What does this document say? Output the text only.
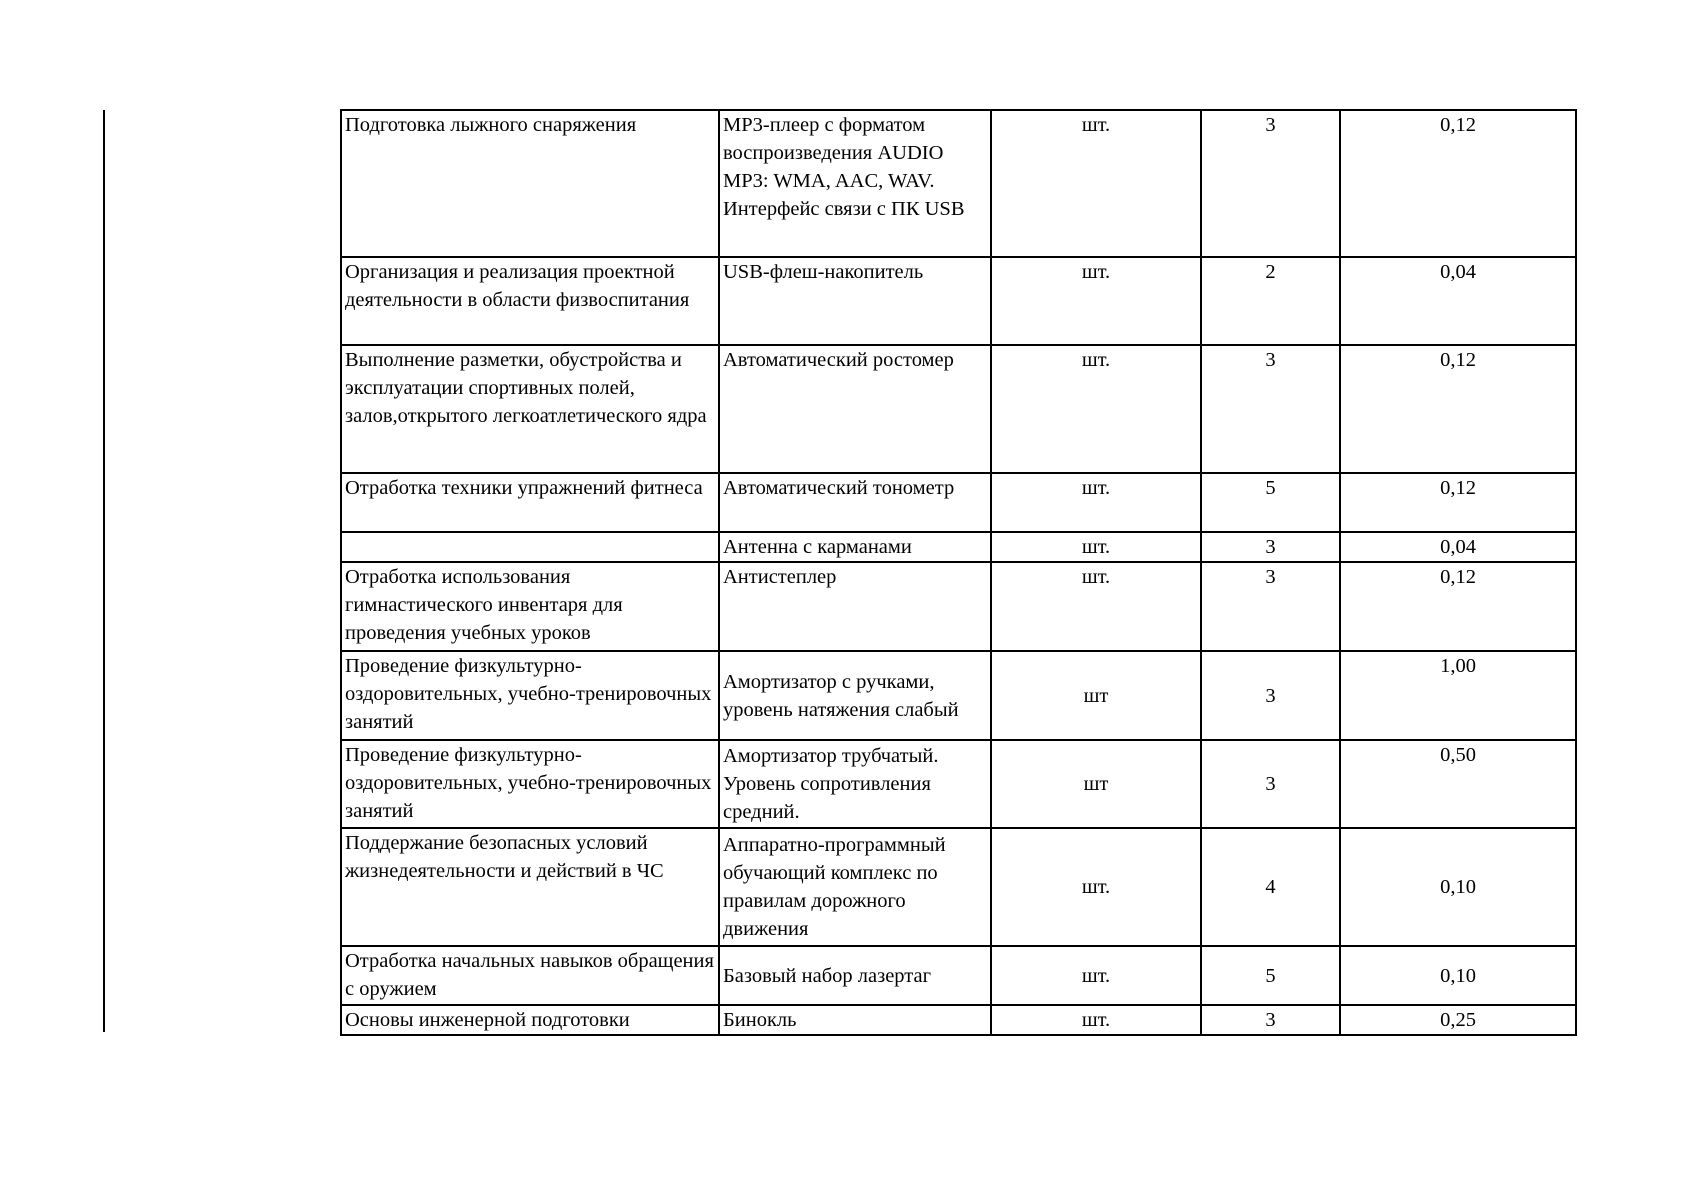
Подготовка лыжного снаряжения	МР3-плеер с форматом воспроизведения AUDIO MP3: WMA, AAC, WAV. Интерфейс связи с ПК USB	шт.	3	0,12
Организация и реализация проектной деятельности в области физвоспитания	USB-флеш-накопитель	шт.	2	0,04
Выполнение разметки, обустройства и эксплуатации спортивных полей, залов,открытого легкоатлетического ядра	Автоматический ростомер	шт.	3	0,12
Отработка техники упражнений фитнеса	Автоматический тонометр	шт.	5	0,12
	Антенна с карманами	шт.	3	0,04
Отработка использования гимнастического инвентаря для проведения учебных уроков	Антистеплер	шт.	3	0,12
Проведение физкультурно-оздоровительных, учебно-тренировочных занятий	Амортизатор с ручками, уровень натяжения слабый	шт	3	1,00
Проведение физкультурно-оздоровительных, учебно-тренировочных занятий	Амортизатор трубчатый. Уровень сопротивления средний.	шт	3	0,50
Поддержание безопасных условий жизнедеятельности и действий в ЧС	Аппаратно-программный обучающий комплекс по правилам дорожного движения	шт.	4	0,10
Отработка начальных навыков обращения с оружием	Базовый набор лазертаг	шт.	5	0,10
Основы инженерной подготовки	Бинокль	шт.	3	0,25
